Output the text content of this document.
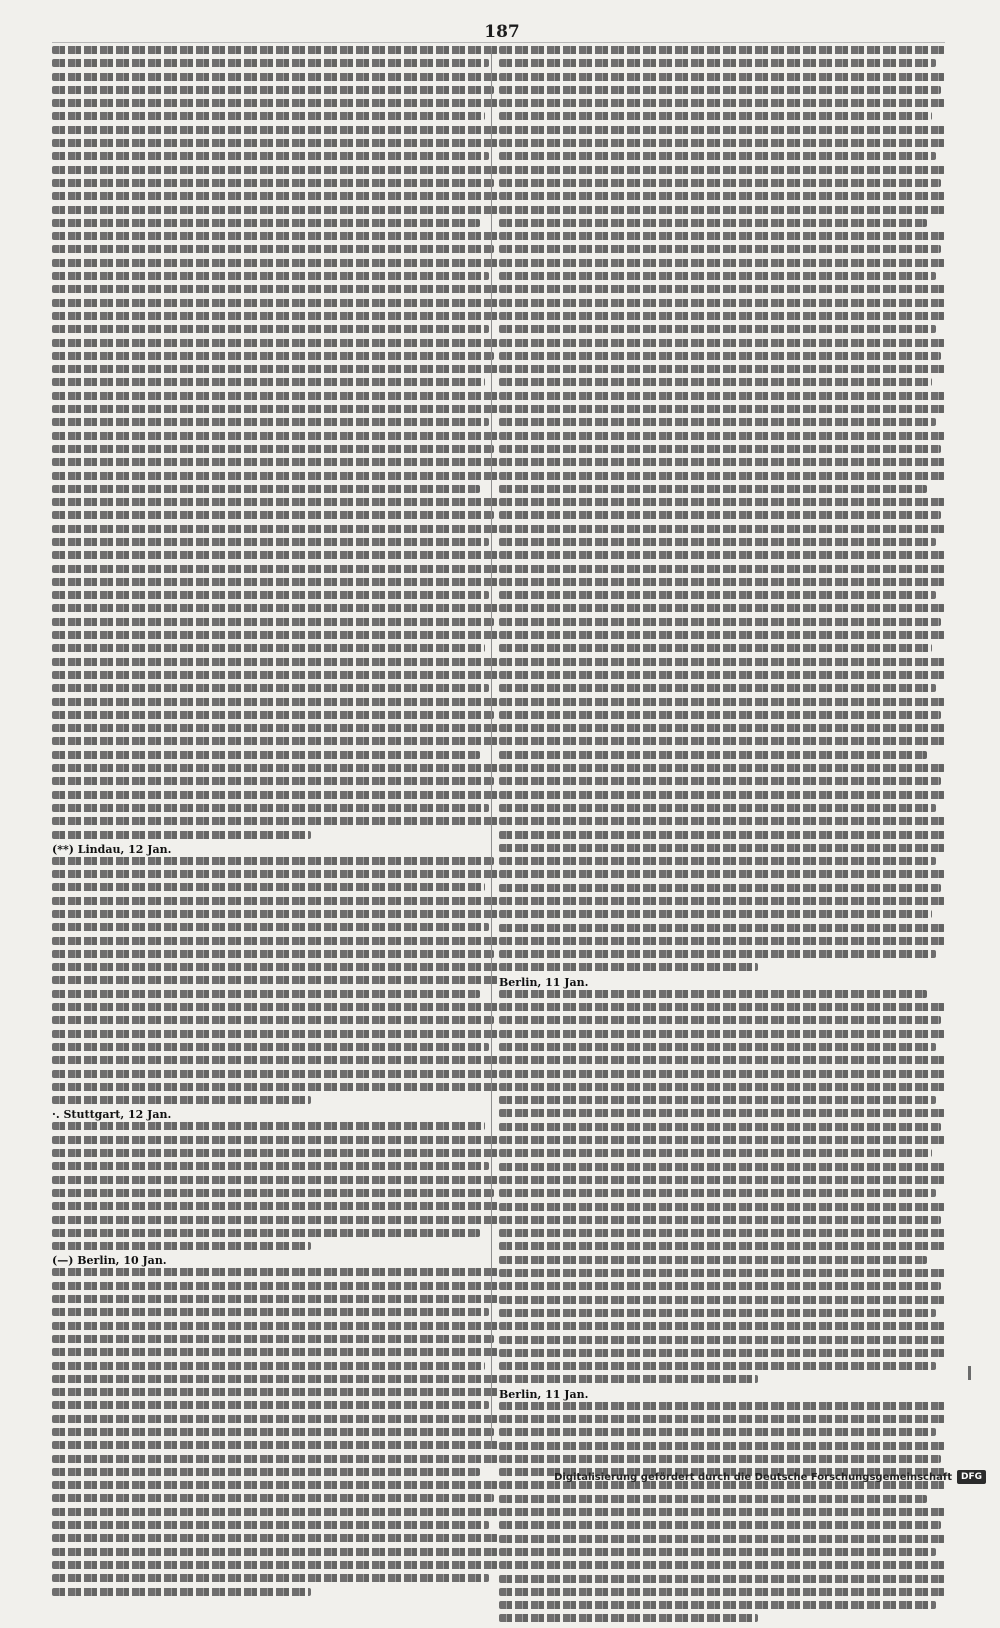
187
(**) Lindau, 12 Jan.
·. Stuttgart, 12 Jan.
(—) Berlin, 10 Jan.
Berlin, 11 Jan.
Berlin, 11 Jan.
Digitalisierung gefördert durch die Deutsche Forschungsgemeinschaft	DFG
